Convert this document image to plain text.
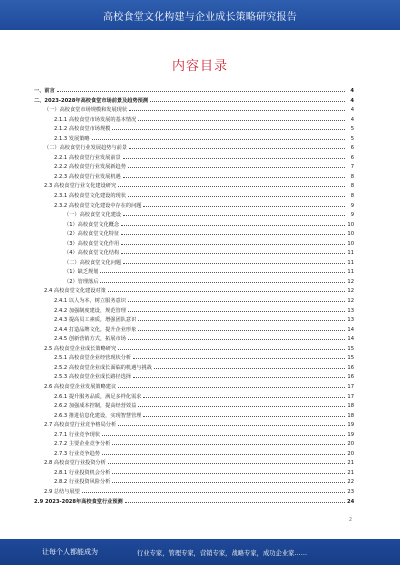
高校食堂文化构建与企业成长策略研究报告
内容目录
一、前言	4
二、2023-2028年高校食堂市场前景及趋势预测	4
（一）高校食堂市场规模和发展现状	4
2.1.1 高校食堂市场发展的基本情况	4
2.1.2 高校食堂市场规模	5
2.1.3 发展策略	5
（二）高校食堂行业发展趋势与前景	6
2.2.1 高校食堂行业发展前景	6
2.2.2 高校食堂行业发展新趋势	7
2.2.3 高校食堂行业发展机遇	8
2.3 高校食堂行业文化建设研究	8
2.3.1 高校食堂文化建设的现状	8
2.3.2 高校食堂文化建设中存在的问题	9
（一）高校食堂文化建设	9
（1）高校食堂文化概念	10
（2）高校食堂文化特征	10
（3）高校食堂文化作用	10
（4）高校食堂文化结构	11
（二）高校食堂文化问题	11
（1）缺乏规划	11
（2）管理落后	12
2.4 高校食堂文化建设对策	12
2.4.1 以人为本，树立服务意识	12
2.4.2 加强制度建设，规范管理	13
2.4.3 提高员工素质，增强团队意识	13
2.4.4 打造品牌文化，提升企业形象	14
2.4.5 创新营销方式，拓展市场	14
2.5 高校食堂企业成长策略研究	15
2.5.1 高校食堂企业经营现状分析	15
2.5.2 高校食堂企业成长面临的机遇与挑战	16
2.5.3 高校食堂企业成长路径选择	16
2.6 高校食堂企业发展策略建议	17
2.6.1 提升服务品质，满足多样化需求	17
2.6.2 加强成本控制，提高经营效益	18
2.6.3 推进信息化建设，实现智慧管理	18
2.7 高校食堂行业竞争格局分析	19
2.7.1 行业竞争现状	19
2.7.2 主要企业竞争分析	20
2.7.3 行业竞争趋势	20
2.8 高校食堂行业投资分析	21
2.8.1 行业投资机会分析	21
2.8.2 行业投资风险分析	22
2.9 总结与展望	23
2.9 2023-2028年高校食堂行业预测	24
2
让每个人都能成为	行业专家，管理专家，营销专家，战略专家，成功企业家……
